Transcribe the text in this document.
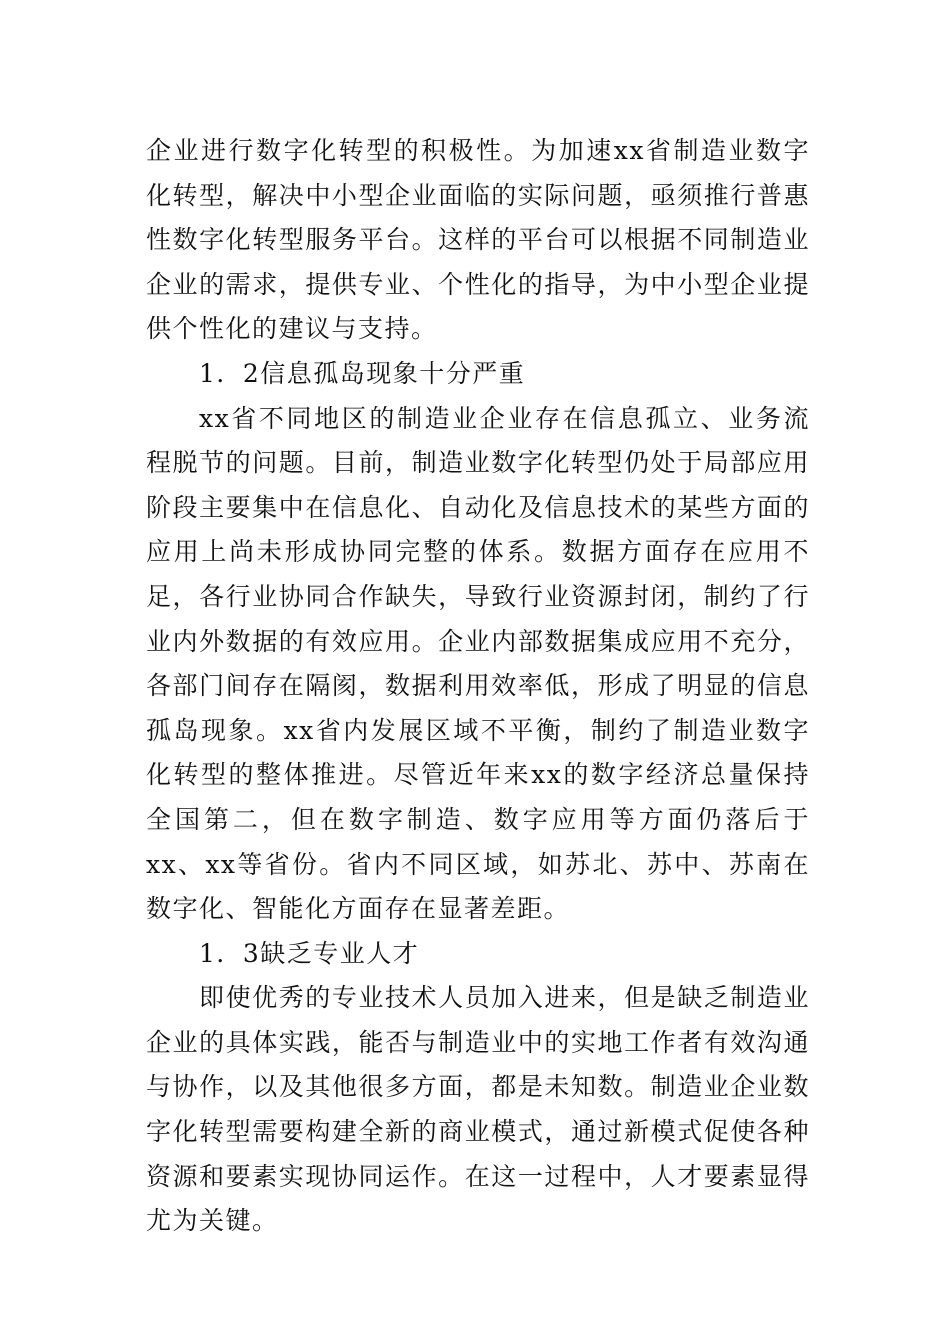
企业进行数字化转型的积极性。为加速xx省制造业数字化转型，解决中小型企业面临的实际问题，亟须推行普惠性数字化转型服务平台。这样的平台可以根据不同制造业企业的需求，提供专业、个性化的指导，为中小型企业提供个性化的建议与支持。

1．2信息孤岛现象十分严重

xx省不同地区的制造业企业存在信息孤立、业务流程脱节的问题。目前，制造业数字化转型仍处于局部应用阶段主要集中在信息化、自动化及信息技术的某些方面的应用上尚未形成协同完整的体系。数据方面存在应用不足，各行业协同合作缺失，导致行业资源封闭，制约了行业内外数据的有效应用。企业内部数据集成应用不充分，各部门间存在隔阂，数据利用效率低，形成了明显的信息孤岛现象。xx省内发展区域不平衡，制约了制造业数字化转型的整体推进。尽管近年来xx的数字经济总量保持全国第二，但在数字制造、数字应用等方面仍落后于xx、xx等省份。省内不同区域，如苏北、苏中、苏南在数字化、智能化方面存在显著差距。

1．3缺乏专业人才

即使优秀的专业技术人员加入进来，但是缺乏制造业企业的具体实践，能否与制造业中的实地工作者有效沟通与协作，以及其他很多方面，都是未知数。制造业企业数字化转型需要构建全新的商业模式，通过新模式促使各种资源和要素实现协同运作。在这一过程中，人才要素显得尤为关键。
